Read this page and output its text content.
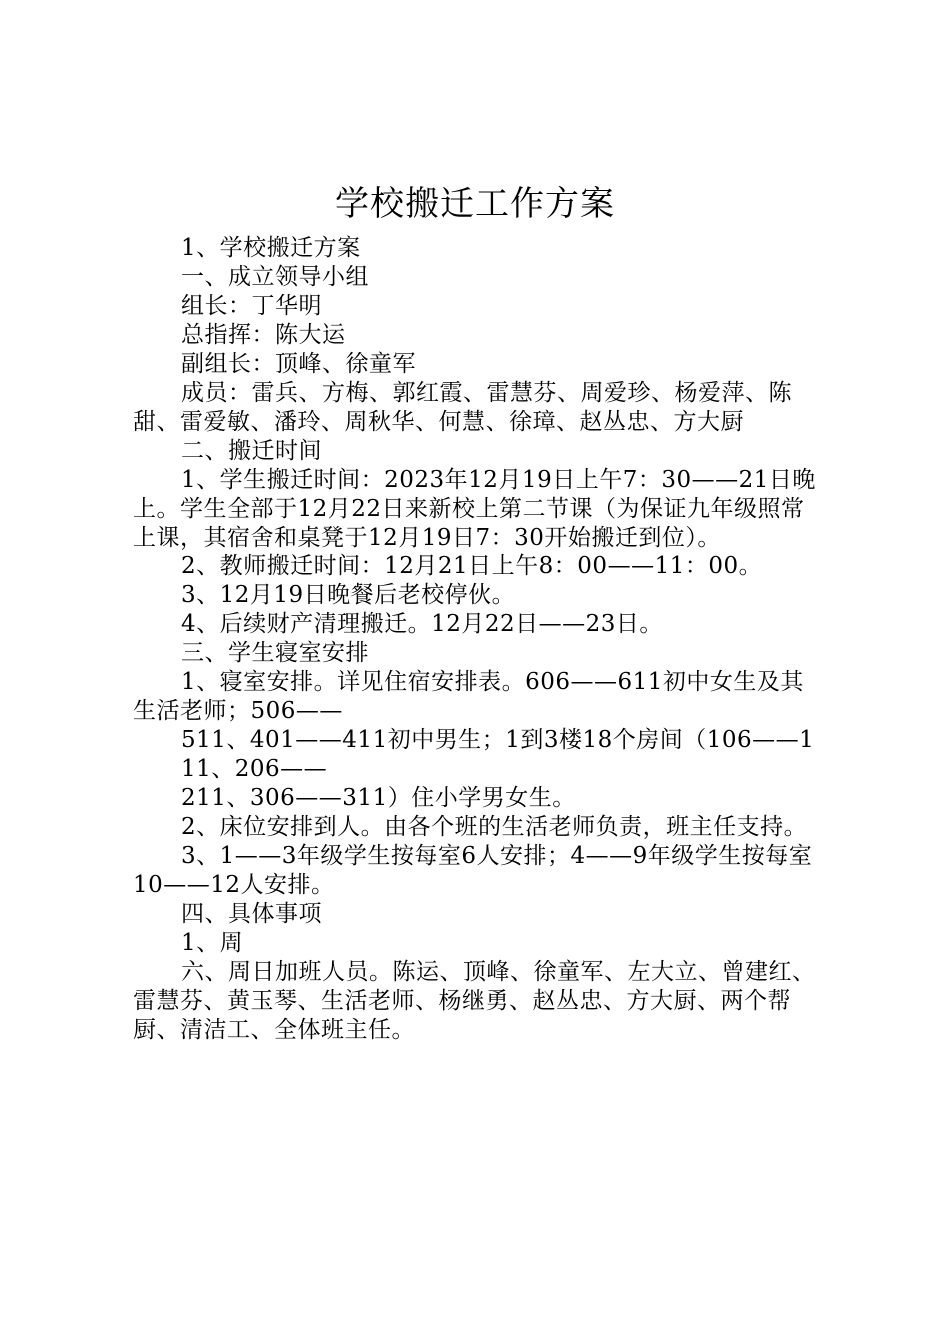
学校搬迁工作方案

1、学校搬迁方案

一、成立领导小组

组长：丁华明

总指挥：陈大运

副组长：顶峰、徐童军

成员：雷兵、方梅、郭红霞、雷慧芬、周爱珍、杨爱萍、陈甜、雷爱敏、潘玲、周秋华、何慧、徐璋、赵丛忠、方大厨

二、搬迁时间

1、学生搬迁时间：2023年12月19日上午7：30——21日晚上。学生全部于12月22日来新校上第二节课（为保证九年级照常上课，其宿舍和桌凳于12月19日7：30开始搬迁到位）。

2、教师搬迁时间：12月21日上午8：00——11：00。

3、12月19日晚餐后老校停伙。

4、后续财产清理搬迁。12月22日——23日。

三、学生寝室安排

1、寝室安排。详见住宿安排表。606——611初中女生及其生活老师；506——

511、401——411初中男生；1到3楼18个房间（106——1

11、206——

211、306——311）住小学男女生。

2、床位安排到人。由各个班的生活老师负责，班主任支持。

3、1——3年级学生按每室6人安排；4——9年级学生按每室10——12人安排。

四、具体事项

1、周

六、周日加班人员。陈运、顶峰、徐童军、左大立、曾建红、雷慧芬、黄玉琴、生活老师、杨继勇、赵丛忠、方大厨、两个帮厨、清洁工、全体班主任。
